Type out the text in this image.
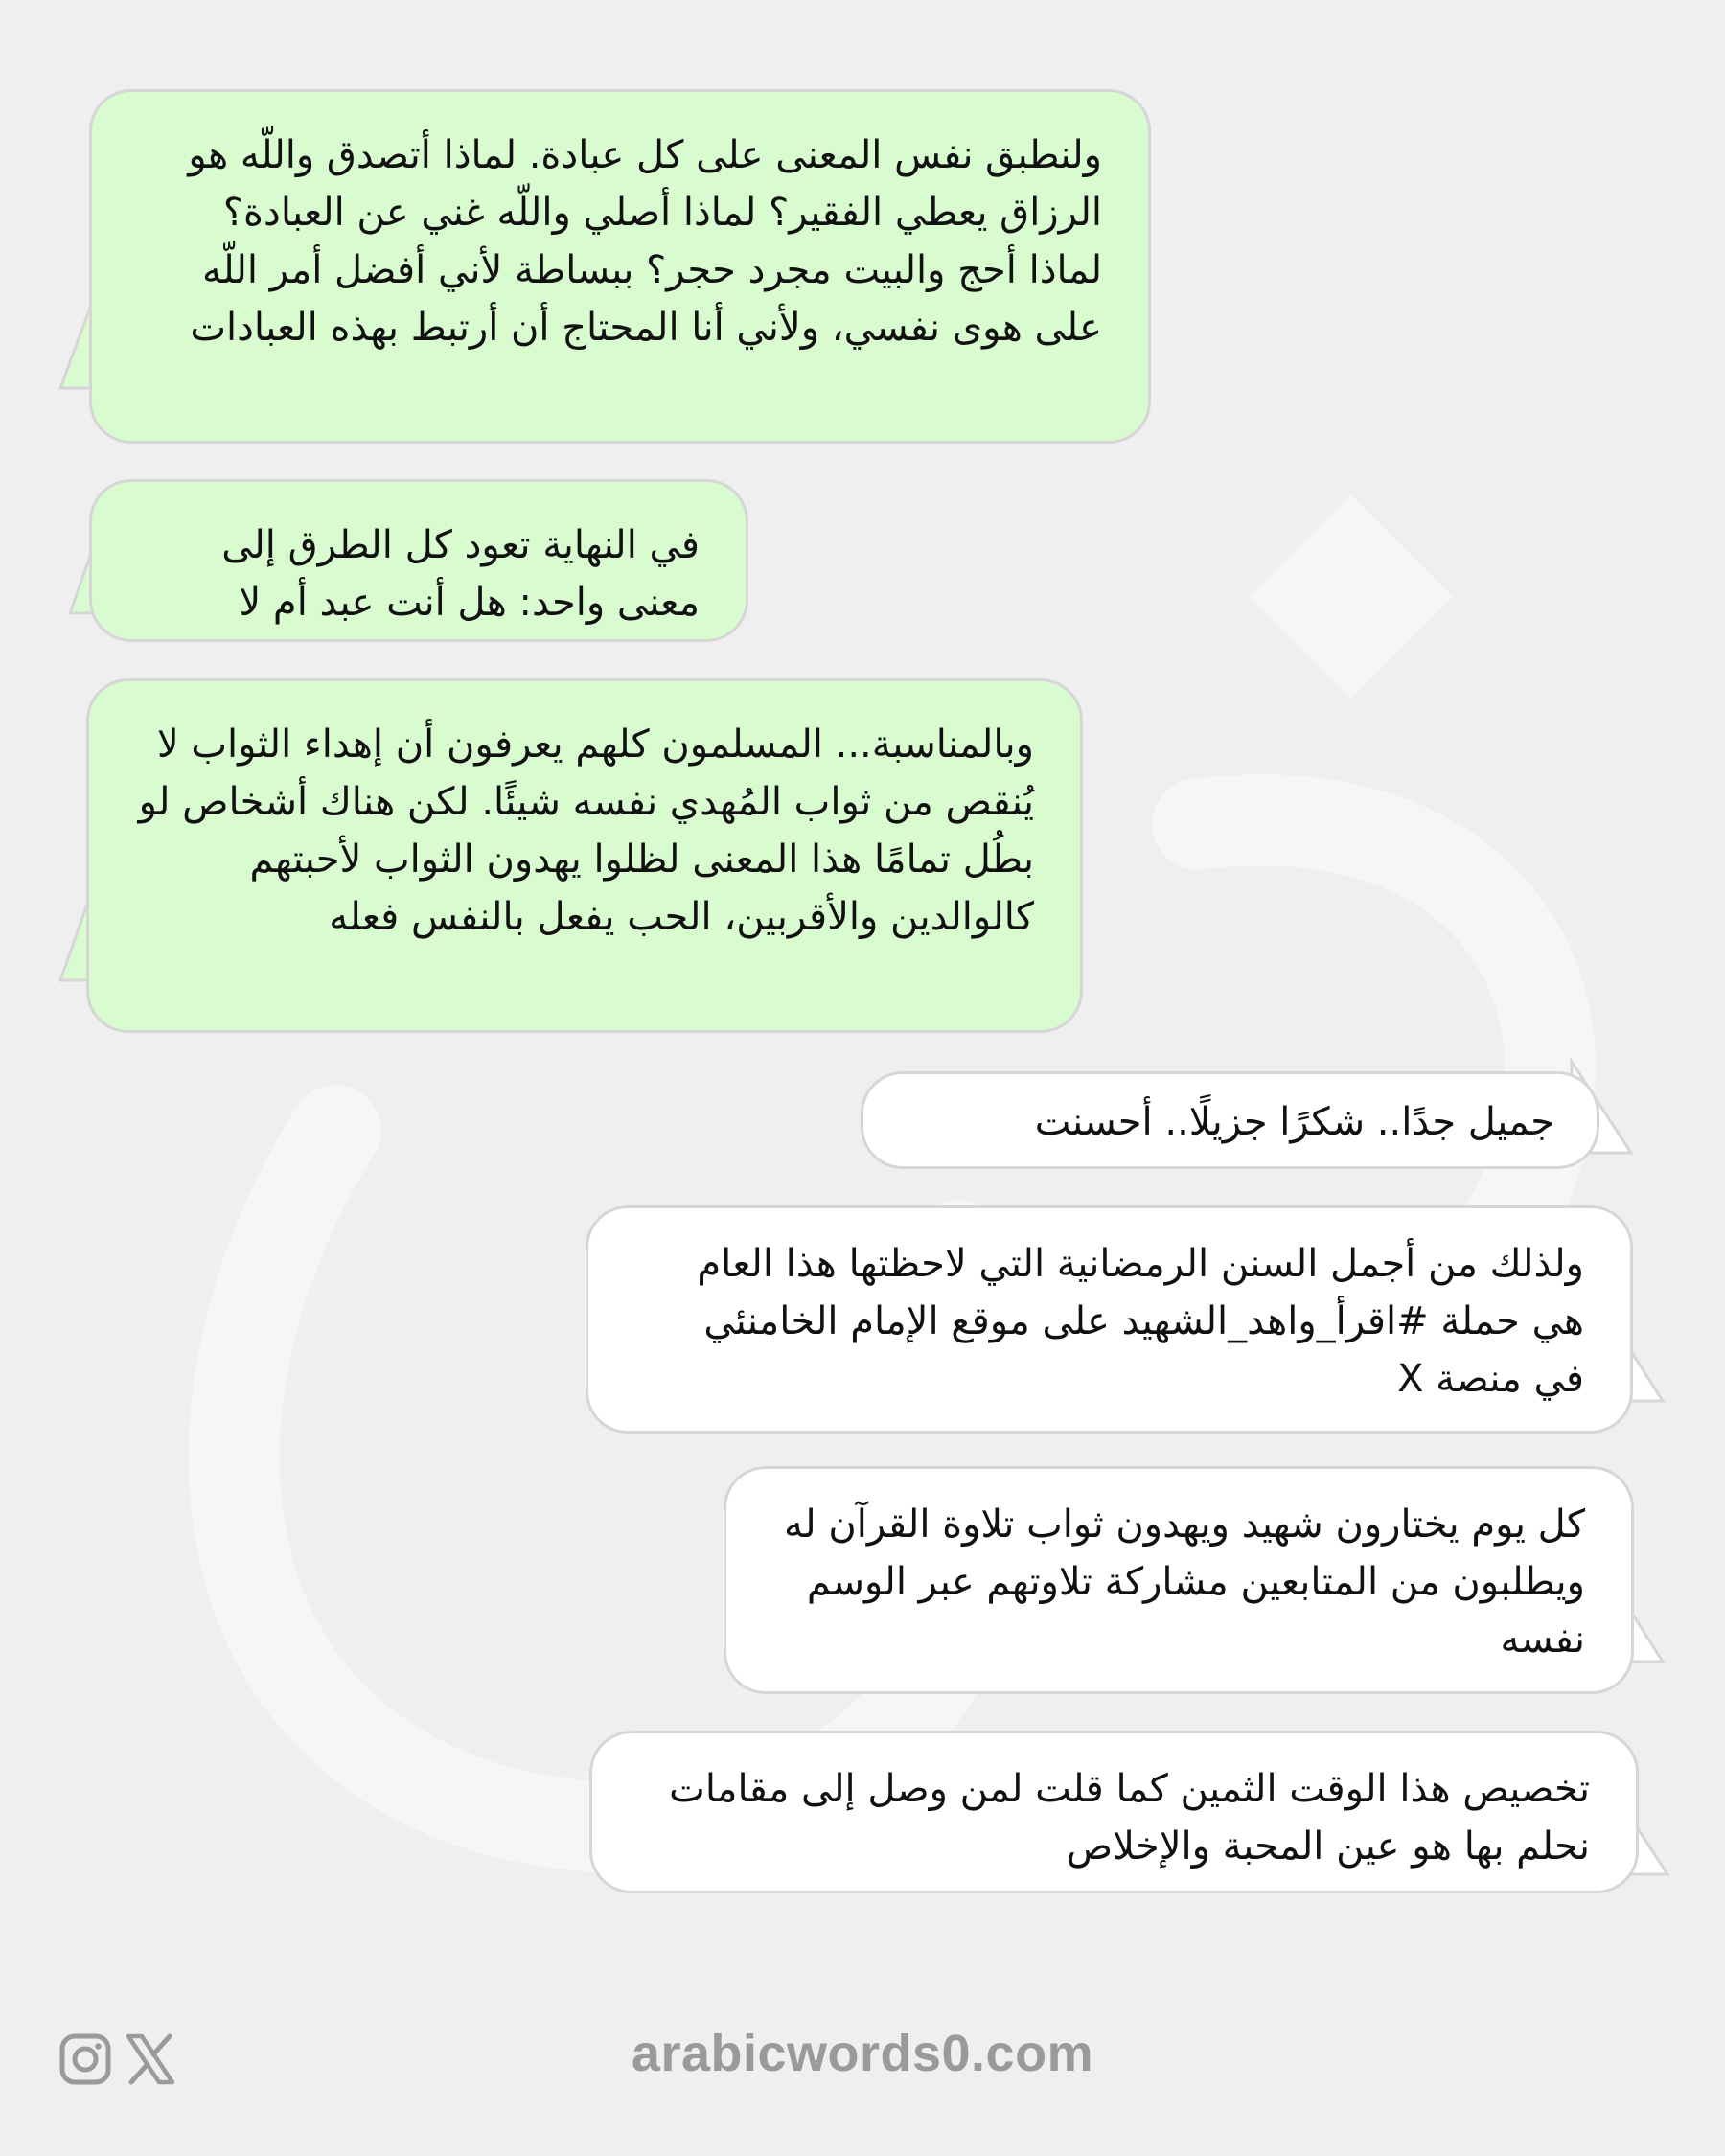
ولنطبق نفس المعنى على كل عبادة. لماذا أتصدق واللّه هو الرزاق يعطي الفقير؟ لماذا أصلي واللّه غني عن العبادة؟ لماذا أحج والبيت مجرد حجر؟ ببساطة لأني أفضل أمر اللّه على هوى نفسي، ولأني أنا المحتاج أن أرتبط بهذه العبادات
في النهاية تعود كل الطرق إلى معنى واحد: هل أنت عبد أم لا
وبالمناسبة... المسلمون كلهم يعرفون أن إهداء الثواب لا يُنقص من ثواب المُهدي نفسه شيئًا. لكن هناك أشخاص لو بطُل تمامًا هذا المعنى لظلوا يهدون الثواب لأحبتهم كالوالدين والأقربين، الحب يفعل بالنفس فعله
جميل جدًا.. شكرًا جزيلًا.. أحسنت
ولذلك من أجمل السنن الرمضانية التي لاحظتها هذا العام هي حملة #اقرأ_واهد_الشهيد على موقع الإمام الخامنئي في منصة X
كل يوم يختارون شهيد ويهدون ثواب تلاوة القرآن له ويطلبون من المتابعين مشاركة تلاوتهم عبر الوسم نفسه
تخصيص هذا الوقت الثمين كما قلت لمن وصل إلى مقامات نحلم بها هو عين المحبة والإخلاص
arabicwords0.com
